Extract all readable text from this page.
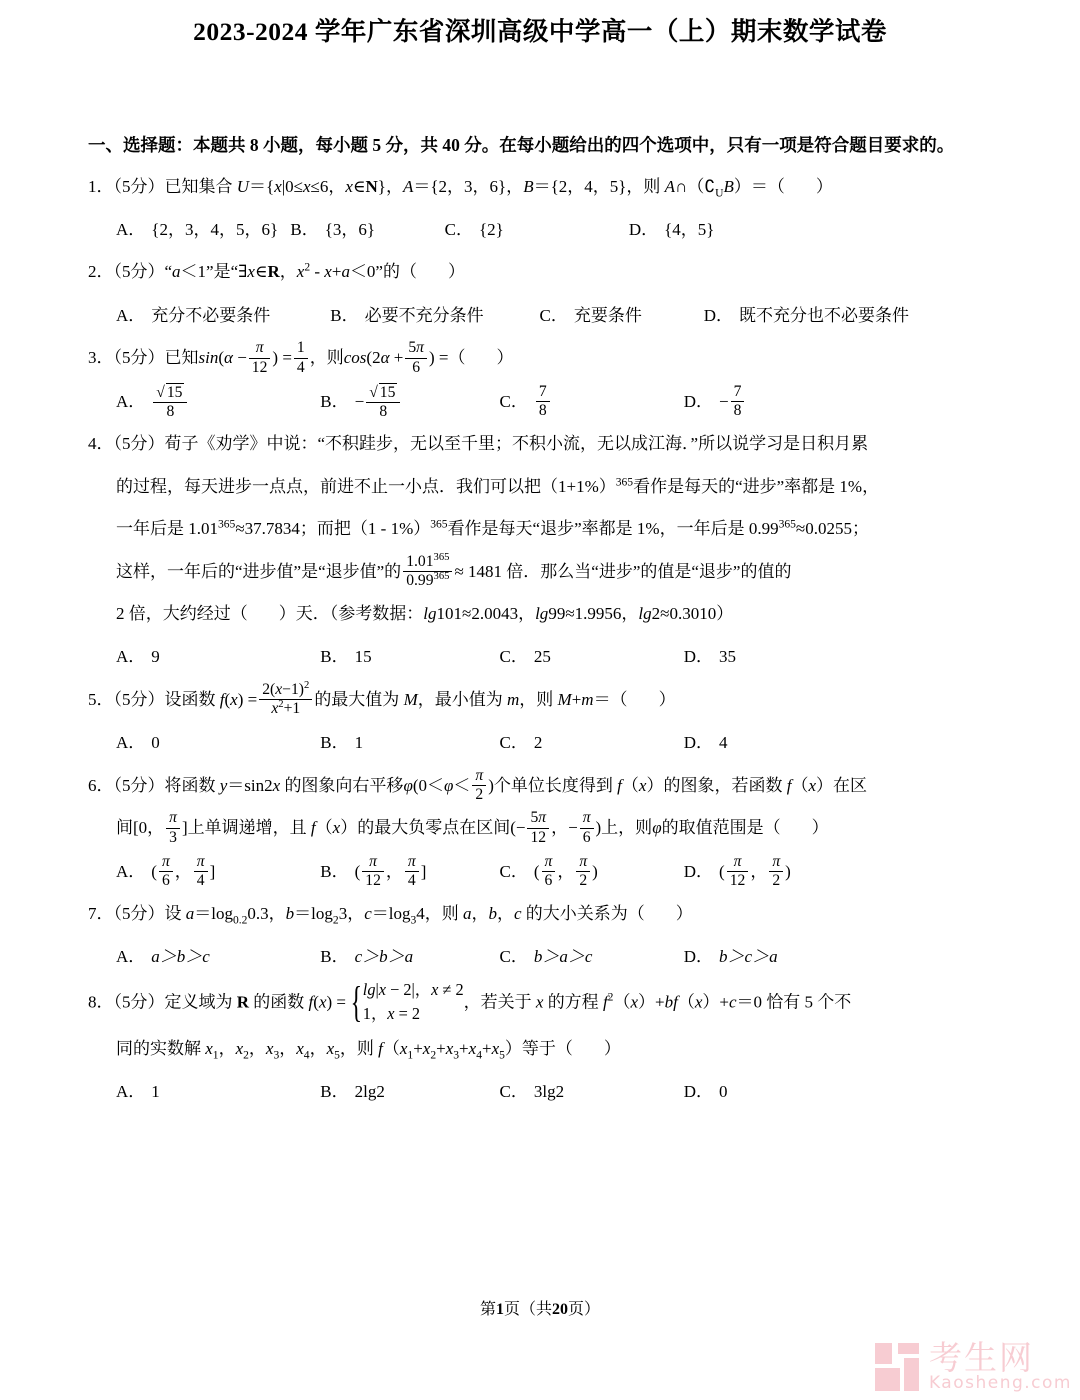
2023-2024 学年广东省深圳高级中学高一（上）期末数学试卷
一、选择题：本题共 8 小题，每小题 5 分，共 40 分。在每小题给出的四个选项中，只有一项是符合题目要求的。
1．（5分）已知集合 U＝{x|0≤x≤6，x∈N}，A＝{2，3，6}，B＝{2，4，5}，则 $A\cap(∁_UB)=$（　 ）
A． {2，3，4，5，6} B． {3，6}	C． {2}	D． {4，5}
2．（5分）“a＜1”是“∃x∈R，$x^2 - x+a<0$”的（　 ）
A． 充分不必要条件	B． 必要不充分条件	C． 充要条件	D． 既不充分也不必要条件
3．（5分）已知$\sin(\alpha - \frac{\pi}{12}$ ) = $\frac{1}{4}$ ，则$\cos(2\alpha + \frac{5\pi}{6}$ ) =（　 ）
A． $\frac{√ 15}{8}$	B． − $\frac{√ 15}{8}$	C． $\frac{7}{8}$	D． − $\frac{7}{8}$
4．（5分）荀子《劝学》中说：“不积跬步，无以至千里；不积小流，无以成江海．”所以说学习是日积月累
的过程，每天进步一点点，前进不止一小点．我们可以把$(1+1\%)^{365}$看作是每天的“进步”率都是 1%，
一年后是 $1.01^{365}\approx 37.7834$；而把（1 - 1%）$^{365}$看作是每天“退步”率都是 1%，一年后是 $0.99^{365}\approx 0.0255$；
这样，一年后的“进步值”是“退步值”的 $\frac{1.01^{365}}{0.99^{365}} \approx 1481$ 倍．那么当“进步”的值是“退步”的值的
2 倍，大约经过（　 ）天．（参考数据：lg101≈2.0043，lg99≈1.9956，lg2≈0.3010）
A． 9	B． 15	C． 25	D． 35
5．（5分）设函数 $f(x) = \frac{2(x-1)^2}{x^2+1}$ 的最大值为 M，最小值为 m，则 M+m＝（　 ）
A． 0	B． 1	C． 2	D． 4
6．（5分）将函数 y＝sin2x 的图象向右平移$\varphi(0<\varphi< \frac{\pi}{2}$ )个单位长度得到 f（x）的图象，若函数 f（x）在区
间[0， $\frac{\pi}{3}$ ]上单调递增，且 f（x）的最大负零点在区间(− $\frac{5\pi}{12}$ ，− $\frac{\pi}{6}$ )上，则φ的取值范围是（　 ）
A． ( $\frac{\pi}{6}$ ， $\frac{\pi}{4}$ ]	B． ( $\frac{\pi}{12}$ ， $\frac{\pi}{4}$ ]	C． ( $\frac{\pi}{6}$ ， $\frac{\pi}{2}$ )	D． ( $\frac{\pi}{12}$ ， $\frac{\pi}{2}$ )
7．（5分）设 $a=\log_{0.2}0.3$，$b=\log_23$，$c=\log_34$，则 a，b，c 的大小关系为（　 ）
A． a＞b＞c	B． c＞b＞a	C． b＞a＞c	D． b＞c＞a
8．（5分）定义域为 R 的函数 f(x) = { lg|x − 2|，x ≠ 2
1，x = 2
，若关于 x 的方程 $f^2(x)+bf(x)+c=0$ 恰有 5 个不
同的实数解 $x_1$，$x_2$，$x_3$，$x_4$，$x_5$，则 $f(x_1+x_2+x_3+x_4+x_5)$等于（　 ）
A． 1	B． 2lg2	C． 3lg2	D． 0
第1页（共20页）
考生网
Kaosheng.com
